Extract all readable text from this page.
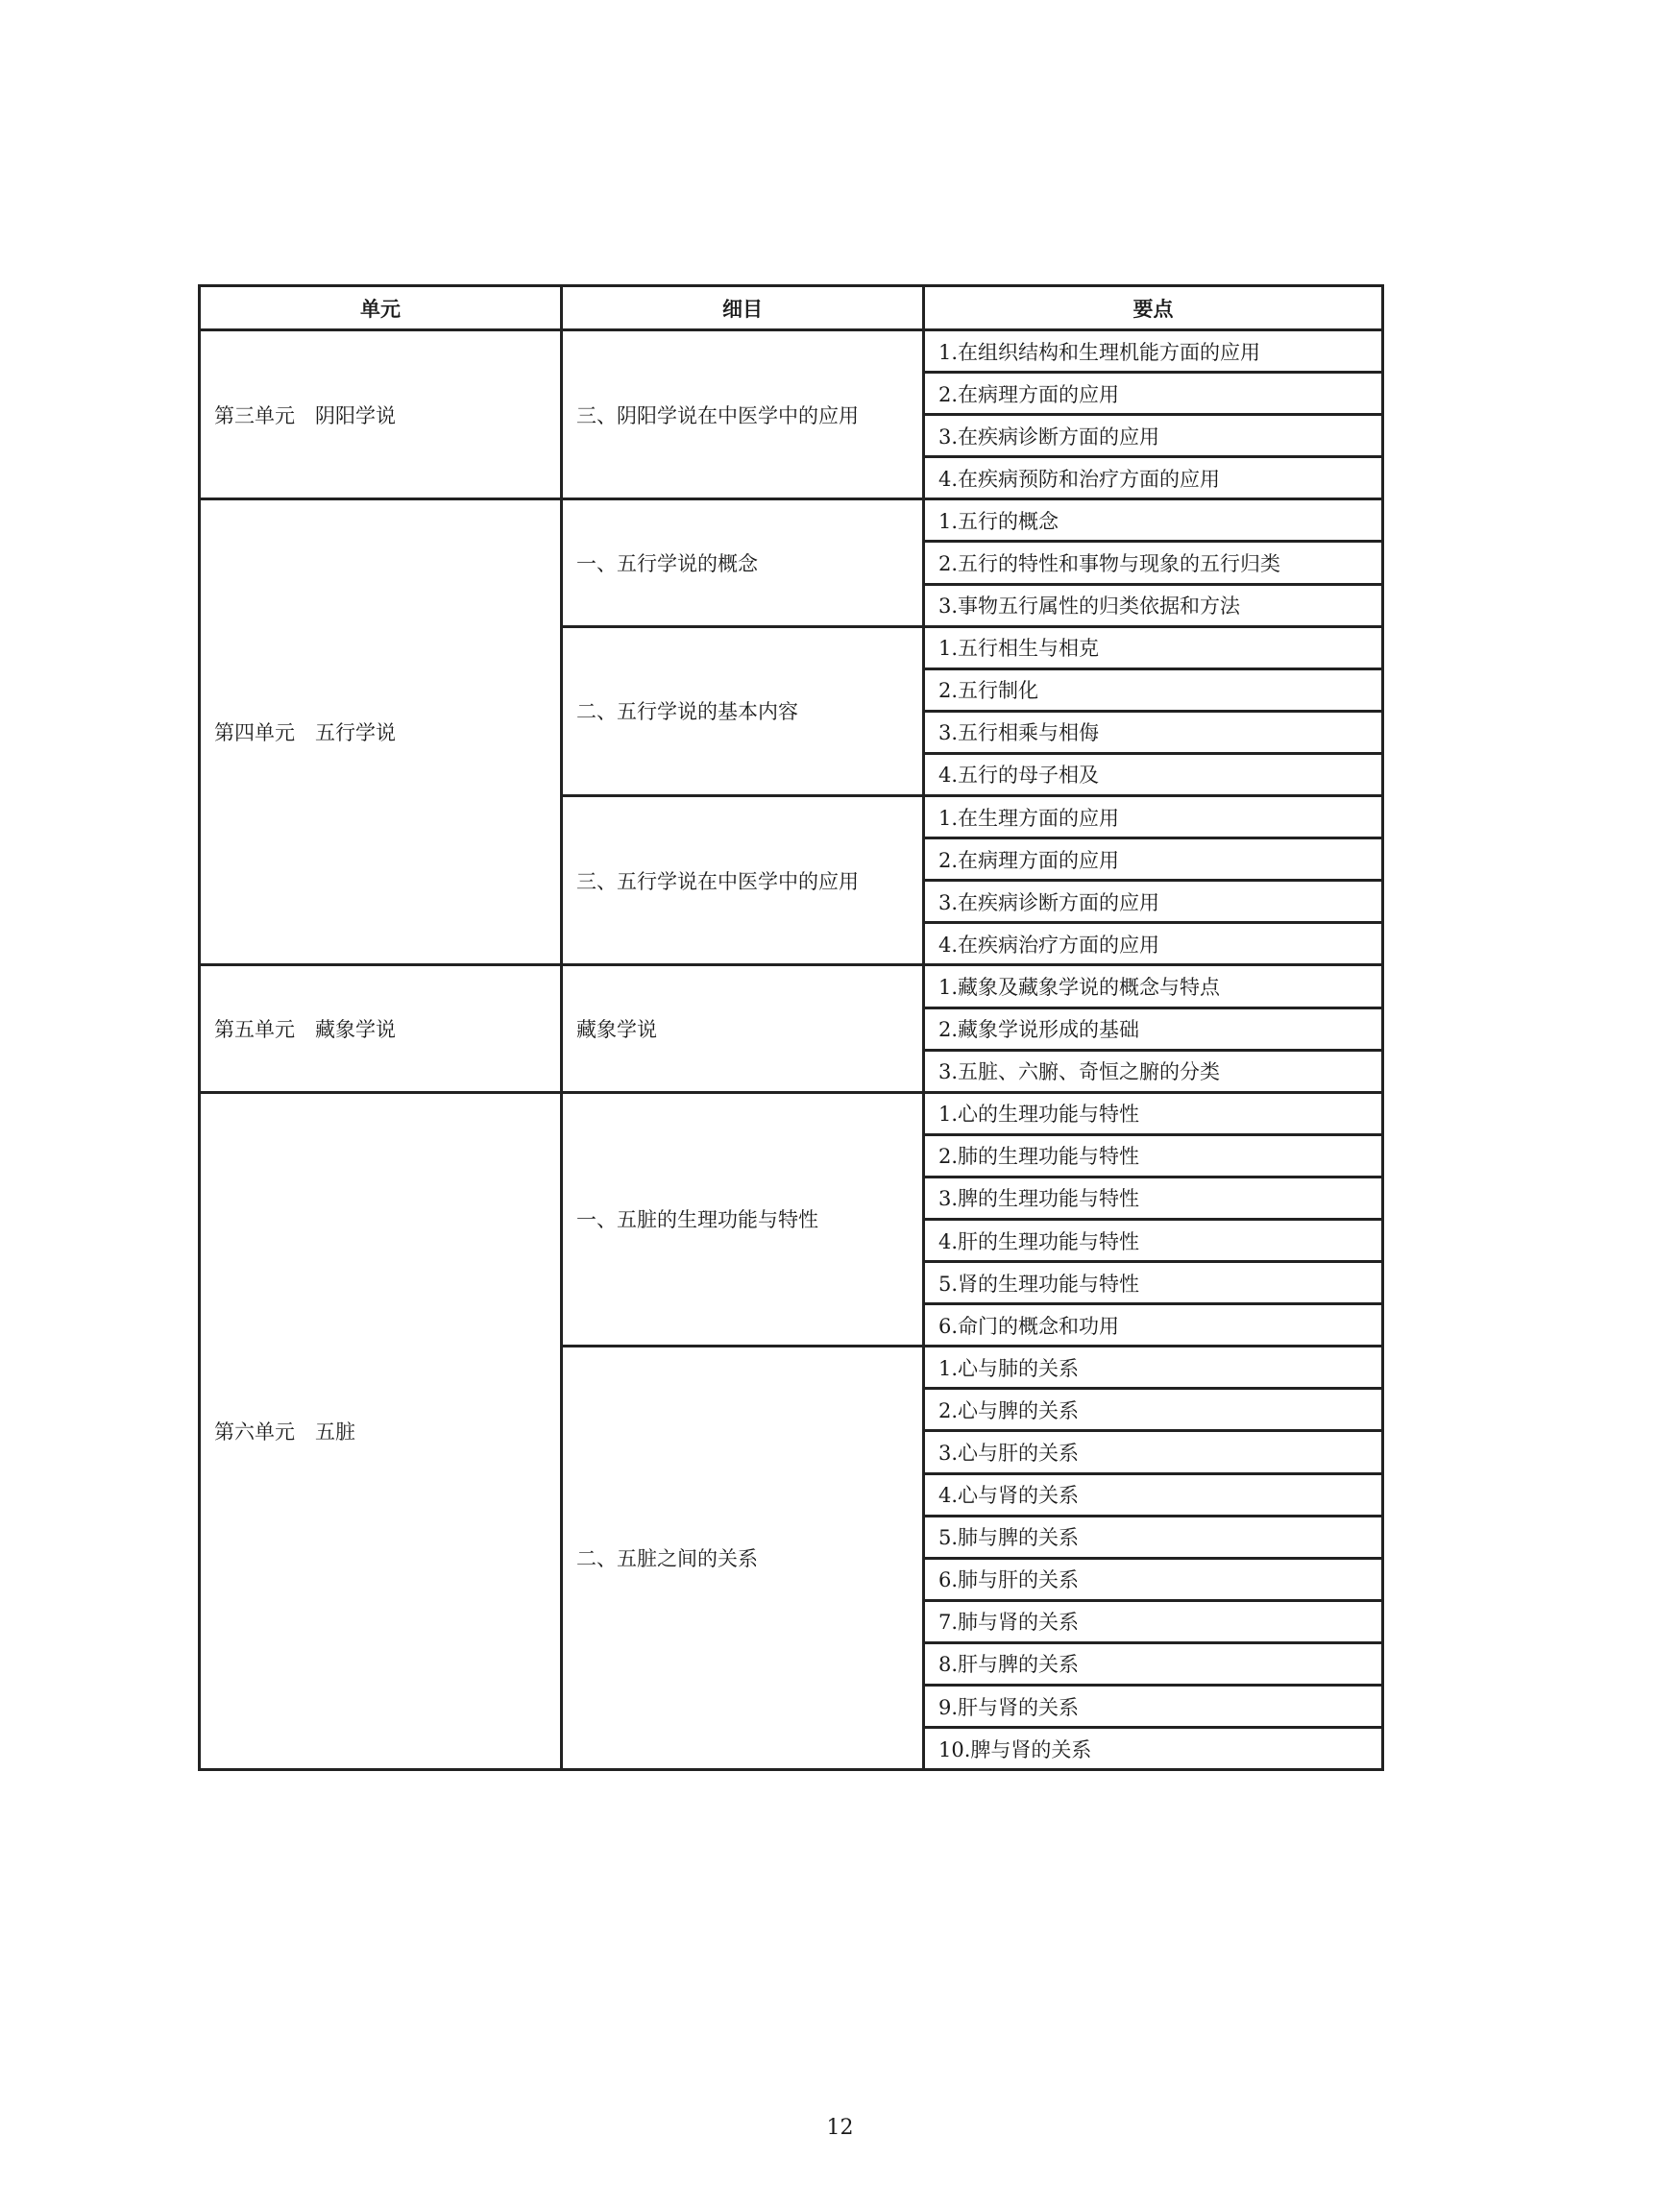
单元	细目	要点
第三单元　阴阳学说	三、阴阳学说在中医学中的应用	1.在组织结构和生理机能方面的应用
		2.在病理方面的应用
		3.在疾病诊断方面的应用
		4.在疾病预防和治疗方面的应用
第四单元　五行学说	一、五行学说的概念	1.五行的概念
		2.五行的特性和事物与现象的五行归类
		3.事物五行属性的归类依据和方法
	二、五行学说的基本内容	1.五行相生与相克
		2.五行制化
		3.五行相乘与相侮
		4.五行的母子相及
	三、五行学说在中医学中的应用	1.在生理方面的应用
		2.在病理方面的应用
		3.在疾病诊断方面的应用
		4.在疾病治疗方面的应用
第五单元　藏象学说	藏象学说	1.藏象及藏象学说的概念与特点
		2.藏象学说形成的基础
		3.五脏、六腑、奇恒之腑的分类
第六单元　五脏	一、五脏的生理功能与特性	1.心的生理功能与特性
		2.肺的生理功能与特性
		3.脾的生理功能与特性
		4.肝的生理功能与特性
		5.肾的生理功能与特性
		6.命门的概念和功用
	二、五脏之间的关系	1.心与肺的关系
		2.心与脾的关系
		3.心与肝的关系
		4.心与肾的关系
		5.肺与脾的关系
		6.肺与肝的关系
		7.肺与肾的关系
		8.肝与脾的关系
		9.肝与肾的关系
		10.脾与肾的关系
12
